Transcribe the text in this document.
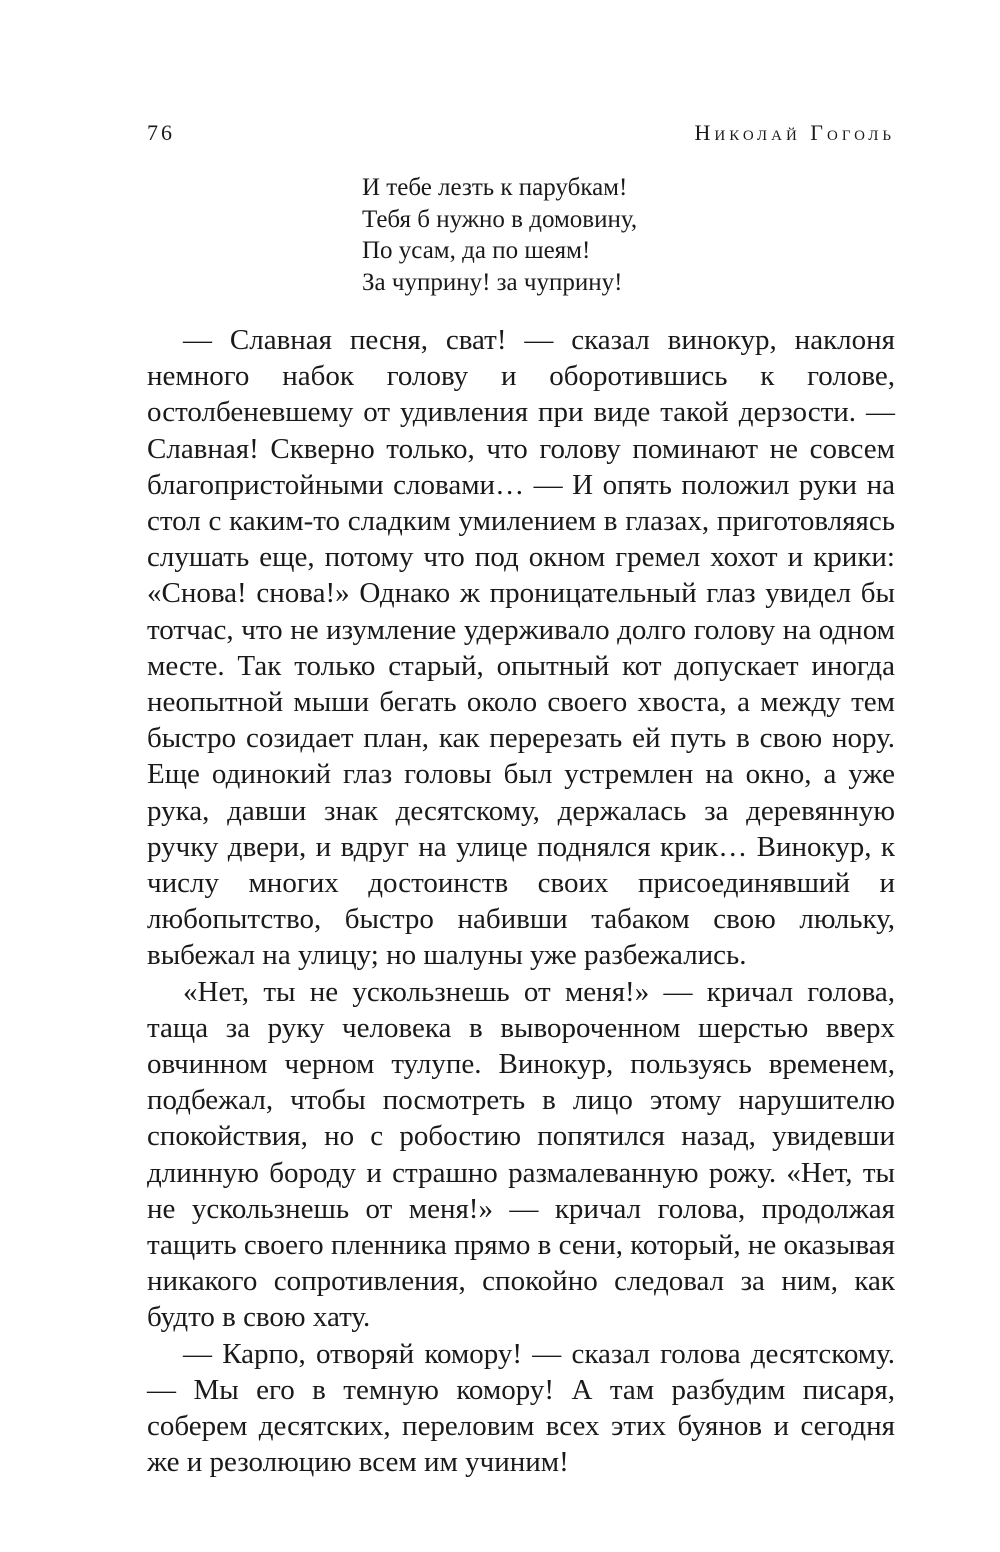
76	Николай Гоголь
И тебе лезть к парубкам!
Тебя б нужно в домовину,
По усам, да по шеям!
За чуприну! за чуприну!

— Славная песня, сват! — сказал винокур, наклоня немного набок голову и оборотившись к голове, остолбеневшему от удивления при виде такой дерзости. — Славная! Скверно только, что голову поминают не совсем благопристойными словами… — И опять положил руки на стол с каким-то сладким умилением в глазах, приготовляясь слушать еще, потому что под окном гремел хохот и крики: «Снова! снова!» Однако ж проницательный глаз увидел бы тотчас, что не изумление удерживало долго голову на одном месте. Так только старый, опытный кот допускает иногда неопытной мыши бегать около своего хвоста, а между тем быстро созидает план, как перерезать ей путь в свою нору. Еще одинокий глаз головы был устремлен на окно, а уже рука, давши знак десятскому, держалась за деревянную ручку двери, и вдруг на улице поднялся крик… Винокур, к числу многих достоинств своих присоединявший и любопытство, быстро набивши табаком свою люльку, выбежал на улицу; но шалуны уже разбежались.

«Нет, ты не ускользнешь от меня!» — кричал голова, таща за руку человека в вывороченном шерстью вверх овчинном черном тулупе. Винокур, пользуясь временем, подбежал, чтобы посмотреть в лицо этому нарушителю спокойствия, но с робостию попятился назад, увидевши длинную бороду и страшно размалеванную рожу. «Нет, ты не ускользнешь от меня!» — кричал голова, продолжая тащить своего пленника прямо в сени, который, не оказывая никакого сопротивления, спокойно следовал за ним, как будто в свою хату.

— Карпо, отворяй комору! — сказал голова десятскому. — Мы его в темную комору! А там разбудим писаря, соберем десятских, переловим всех этих буянов и сегодня же и резолюцию всем им учиним!
